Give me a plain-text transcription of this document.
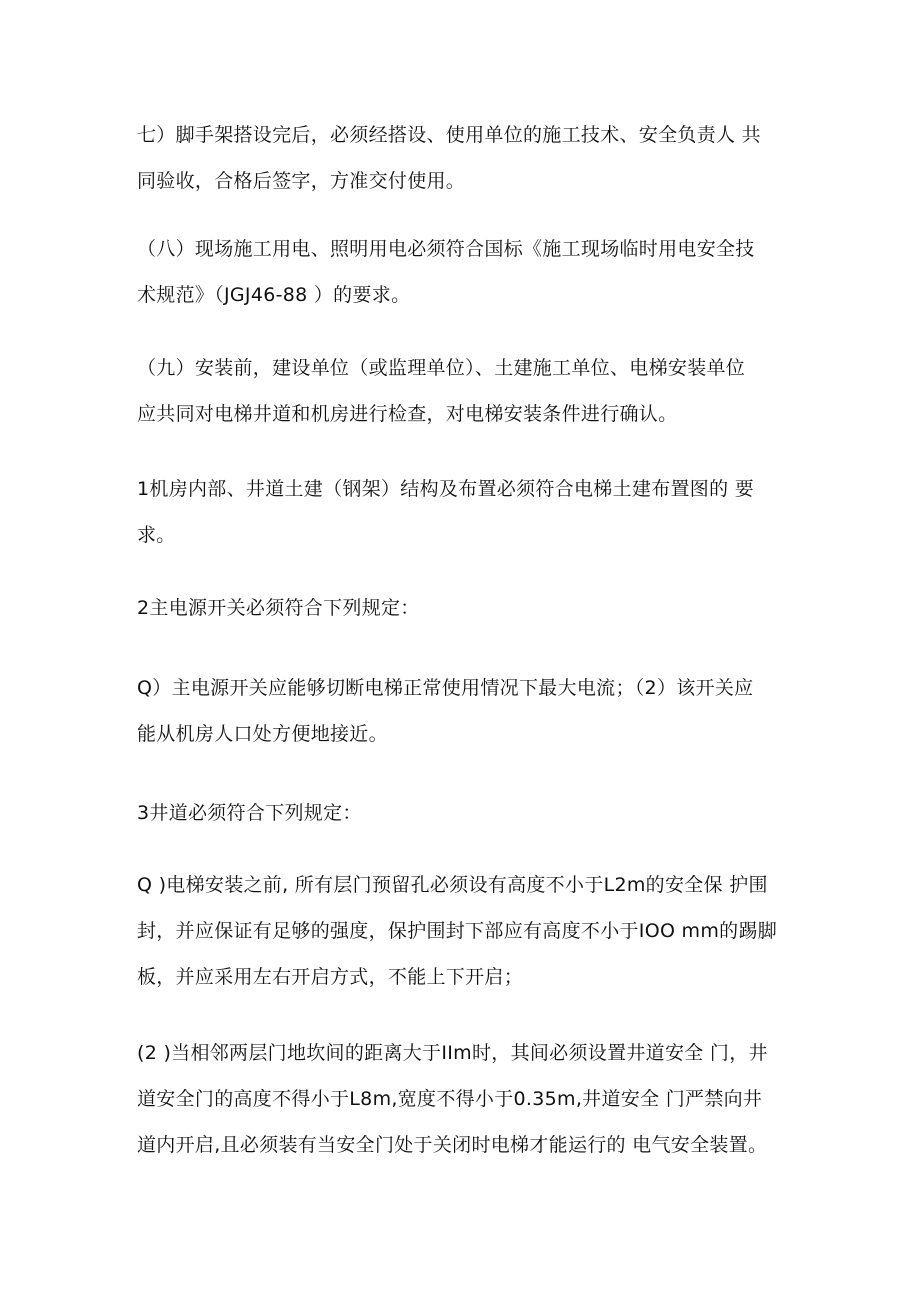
七）脚手架搭设完后，必须经搭设、使用单位的施工技术、安全负责人 共
同验收，合格后签字，方准交付使用。
（八）现场施工用电、照明用电必须符合国标《施工现场临时用电安全技
术规范》（JGJ46-88 ）的要求。
（九）安装前，建设单位（或监理单位）、土建施工单位、电梯安装单位
应共同对电梯井道和机房进行检查，对电梯安装条件进行确认。
1机房内部、井道土建（钢架）结构及布置必须符合电梯土建布置图的 要
求。
2主电源开关必须符合下列规定：
Q）主电源开关应能够切断电梯正常使用情况下最大电流；（2）该开关应
能从机房人口处方便地接近。
3井道必须符合下列规定：
Q )电梯安装之前, 所有层门预留孔必须设有高度不小于L2m的安全保 护围
封，并应保证有足够的强度，保护围封下部应有高度不小于IOO mm的踢脚
板，并应采用左右开启方式，不能上下开启；
(2 )当相邻两层门地坎间的距离大于IIm时，其间必须设置井道安全 门，井
道安全门的高度不得小于L8m,宽度不得小于0.35m,井道安全 门严禁向井
道内开启,且必须装有当安全门处于关闭时电梯才能运行的 电气安全装置。
